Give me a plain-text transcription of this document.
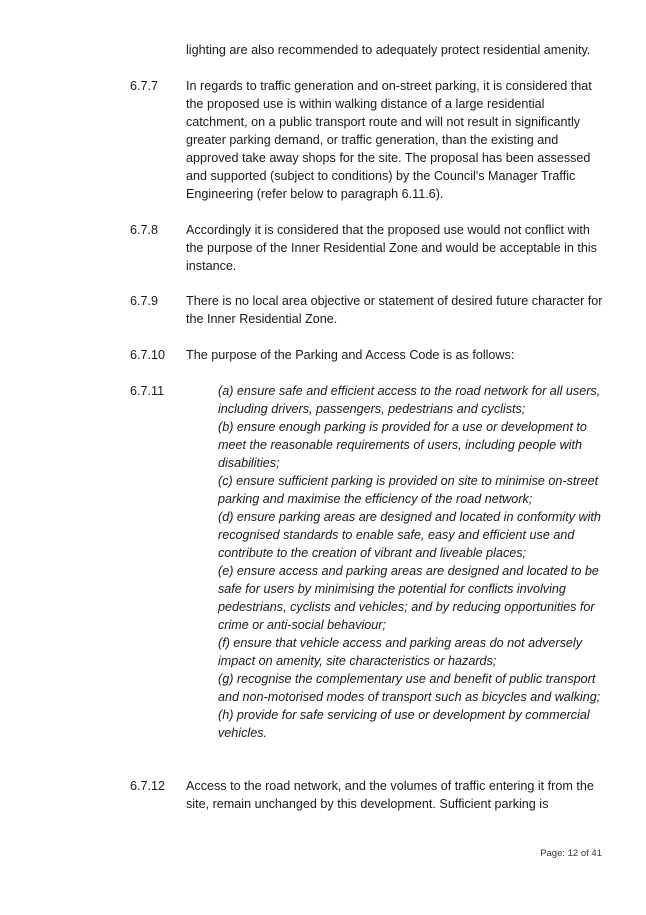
lighting are also recommended to adequately protect residential amenity.

6.7.7	In regards to traffic generation and on-street parking, it is considered that the proposed use is within walking distance of a large residential catchment, on a public transport route and will not result in significantly greater parking demand, or traffic generation, than the existing and approved take away shops for the site. The proposal has been assessed and supported (subject to conditions) by the Council's Manager Traffic Engineering (refer below to paragraph 6.11.6).
6.7.8	Accordingly it is considered that the proposed use would not conflict with the purpose of the Inner Residential Zone and would be acceptable in this instance.
6.7.9	There is no local area objective or statement of desired future character for the Inner Residential Zone.
6.7.10	The purpose of the Parking and Access Code is as follows:
6.7.11	(a) ensure safe and efficient access to the road network for all users, including drivers, passengers, pedestrians and cyclists;

(b) ensure enough parking is provided for a use or development to meet the reasonable requirements of users, including people with disabilities;

(c) ensure sufficient parking is provided on site to minimise on-street parking and maximise the efficiency of the road network;

(d) ensure parking areas are designed and located in conformity with recognised standards to enable safe, easy and efficient use and contribute to the creation of vibrant and liveable places;

(e) ensure access and parking areas are designed and located to be safe for users by minimising the potential for conflicts involving pedestrians, cyclists and vehicles; and by reducing opportunities for crime or anti-social behaviour;

(f) ensure that vehicle access and parking areas do not adversely impact on amenity, site characteristics or hazards;

(g) recognise the complementary use and benefit of public transport and non-motorised modes of transport such as bicycles and walking;

(h) provide for safe servicing of use or development by commercial vehicles.

6.7.12	Access to the road network, and the volumes of traffic entering it from the site, remain unchanged by this development. Sufficient parking is
Page: 12 of 41
